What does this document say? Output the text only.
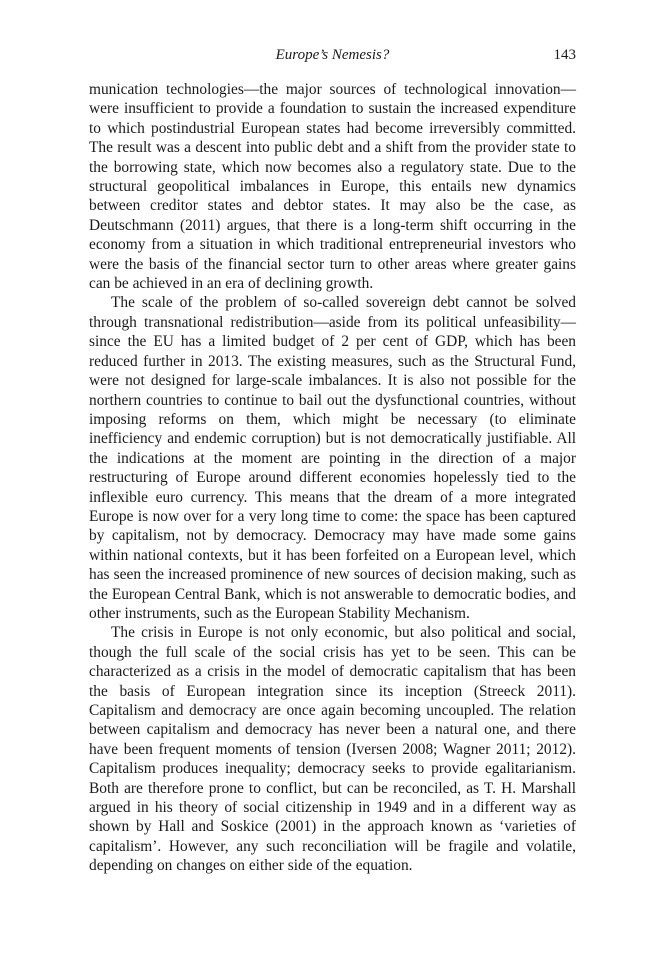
Europe’s Nemesis?	143

munication technologies—the major sources of technological innovation—were insufficient to provide a foundation to sustain the increased expenditure to which postindustrial European states had become irreversibly committed. The result was a descent into public debt and a shift from the provider state to the borrowing state, which now becomes also a regulatory state. Due to the structural geopolitical imbalances in Europe, this entails new dynamics between creditor states and debtor states. It may also be the case, as Deutschmann (2011) argues, that there is a long-term shift occurring in the economy from a situation in which traditional entrepreneurial investors who were the basis of the financial sector turn to other areas where greater gains can be achieved in an era of declining growth.

The scale of the problem of so-called sovereign debt cannot be solved through transnational redistribution—aside from its political unfeasibility—since the EU has a limited budget of 2 per cent of GDP, which has been reduced further in 2013. The existing measures, such as the Structural Fund, were not designed for large-scale imbalances. It is also not possible for the northern countries to continue to bail out the dysfunctional countries, without imposing reforms on them, which might be necessary (to eliminate inefficiency and endemic corruption) but is not democratically justifiable. All the indications at the moment are pointing in the direction of a major restructuring of Europe around different economies hopelessly tied to the inflexible euro currency. This means that the dream of a more integrated Europe is now over for a very long time to come: the space has been captured by capitalism, not by democracy. Democracy may have made some gains within national contexts, but it has been forfeited on a European level, which has seen the increased prominence of new sources of decision making, such as the European Central Bank, which is not answerable to democratic bodies, and other instruments, such as the European Stability Mechanism.

The crisis in Europe is not only economic, but also political and social, though the full scale of the social crisis has yet to be seen. This can be characterized as a crisis in the model of democratic capitalism that has been the basis of European integration since its inception (Streeck 2011). Capitalism and democracy are once again becoming uncoupled. The relation between capitalism and democracy has never been a natural one, and there have been frequent moments of tension (Iversen 2008; Wagner 2011; 2012). Capitalism produces inequality; democracy seeks to provide egalitarianism. Both are therefore prone to conflict, but can be reconciled, as T. H. Marshall argued in his theory of social citizenship in 1949 and in a different way as shown by Hall and Soskice (2001) in the approach known as ‘varieties of capitalism’. However, any such reconciliation will be fragile and volatile, depending on changes on either side of the equation.
